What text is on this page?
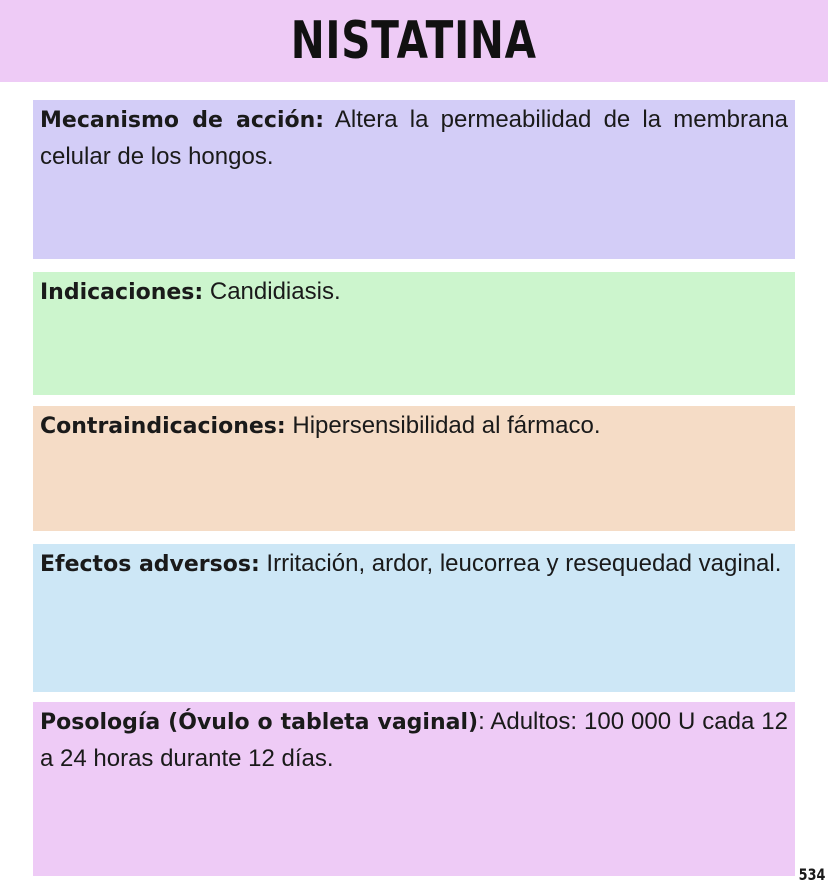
NISTATINA
Mecanismo de acción: Altera la permeabilidad de la membrana celular de los hongos.
Indicaciones: Candidiasis.
Contraindicaciones: Hipersensibilidad al fármaco.
Efectos adversos: Irritación, ardor, leucorrea y resequedad vaginal.
Posología (Óvulo o tableta vaginal): Adultos: 100 000 U cada 12 a 24 horas durante 12 días.
534
